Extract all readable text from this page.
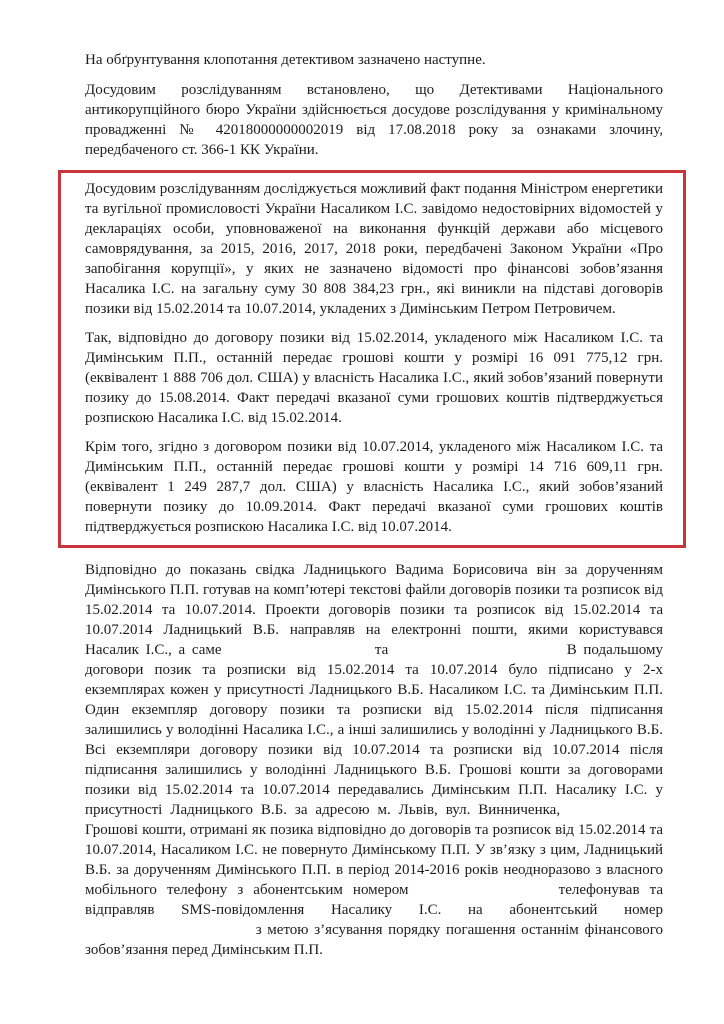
На обґрунтування клопотання детективом зазначено наступне.

Досудовим розслідуванням встановлено, що Детективами Національного антикорупційного бюро України здійснюється досудове розслідування у кримінальному провадженні № 42018000000002019 від 17.08.2018 року за ознаками злочину, передбаченого ст. 366-1 КК України.

Досудовим розслідуванням досліджується можливий факт подання Міністром енергетики та вугільної промисловості України Насаликом І.С. завідомо недостовірних відомостей у деклараціях особи, уповноваженої на виконання функцій держави або місцевого самоврядування, за 2015, 2016, 2017, 2018 роки, передбачені Законом України «Про запобігання корупції», у яких не зазначено відомості про фінансові зобов’язання Насалика І.С. на загальну суму 30 808 384,23 грн., які виникли на підставі договорів позики від 15.02.2014 та 10.07.2014, укладених з Димінським Петром Петровичем.

Так, відповідно до договору позики від 15.02.2014, укладеного між Насаликом І.С. та Димінським П.П., останній передає грошові кошти у розмірі 16 091 775,12 грн. (еквівалент 1 888 706 дол. США) у власність Насалика І.С., який зобов’язаний повернути позику до 15.08.2014. Факт передачі вказаної суми грошових коштів підтверджується розпискою Насалика І.С. від 15.02.2014.

Крім того, згідно з договором позики від 10.07.2014, укладеного між Насаликом І.С. та Димінським П.П., останній передає грошові кошти у розмірі 14 716 609,11 грн. (еквівалент 1 249 287,7 дол. США) у власність Насалика І.С., який зобов’язаний повернути позику до 10.09.2014. Факт передачі вказаної суми грошових коштів підтверджується розпискою Насалика І.С. від 10.07.2014.

Відповідно до показань свідка Ладницького Вадима Борисовича він за дорученням Димінського П.П. готував на комп’ютері текстові файли договорів позики та розписок від 15.02.2014 та 10.07.2014. Проекти договорів позики та розписок від 15.02.2014 та 10.07.2014 Ладницький В.Б. направляв на електронні пошти, якими користувався Насалик І.С., а саме	та	В подальшому договори позик та розписки від 15.02.2014 та 10.07.2014 було підписано у 2-х екземплярах кожен у присутності Ладницького В.Б. Насаликом І.С. та Димінським П.П. Один екземпляр договору позики та розписки від 15.02.2014 після підписання залишились у володінні Насалика І.С., а інші залишились у володінні у Ладницького В.Б. Всі екземпляри договору позики від 10.07.2014 та розписки від 10.07.2014 після підписання залишились у володінні Ладницького В.Б. Грошові кошти за договорами позики від 15.02.2014 та 10.07.2014 передавались Димінським П.П. Насалику І.С. у присутності Ладницького В.Б. за адресою м. Львів, вул. Винниченка,  Грошові кошти, отримані як позика відповідно до договорів та розписок від 15.02.2014 та 10.07.2014, Насаликом І.С. не повернуто Димінському П.П. У зв’язку з цим, Ладницький В.Б. за дорученням Димінського П.П. в період 2014-2016 років неодноразово з власного мобільного телефону з абонентським номером	телефонував та відправляв SMS-повідомлення Насалику І.С. на абонентський номер  з метою з’ясування порядку погашення останнім фінансового зобов’язання перед Димінським П.П.
